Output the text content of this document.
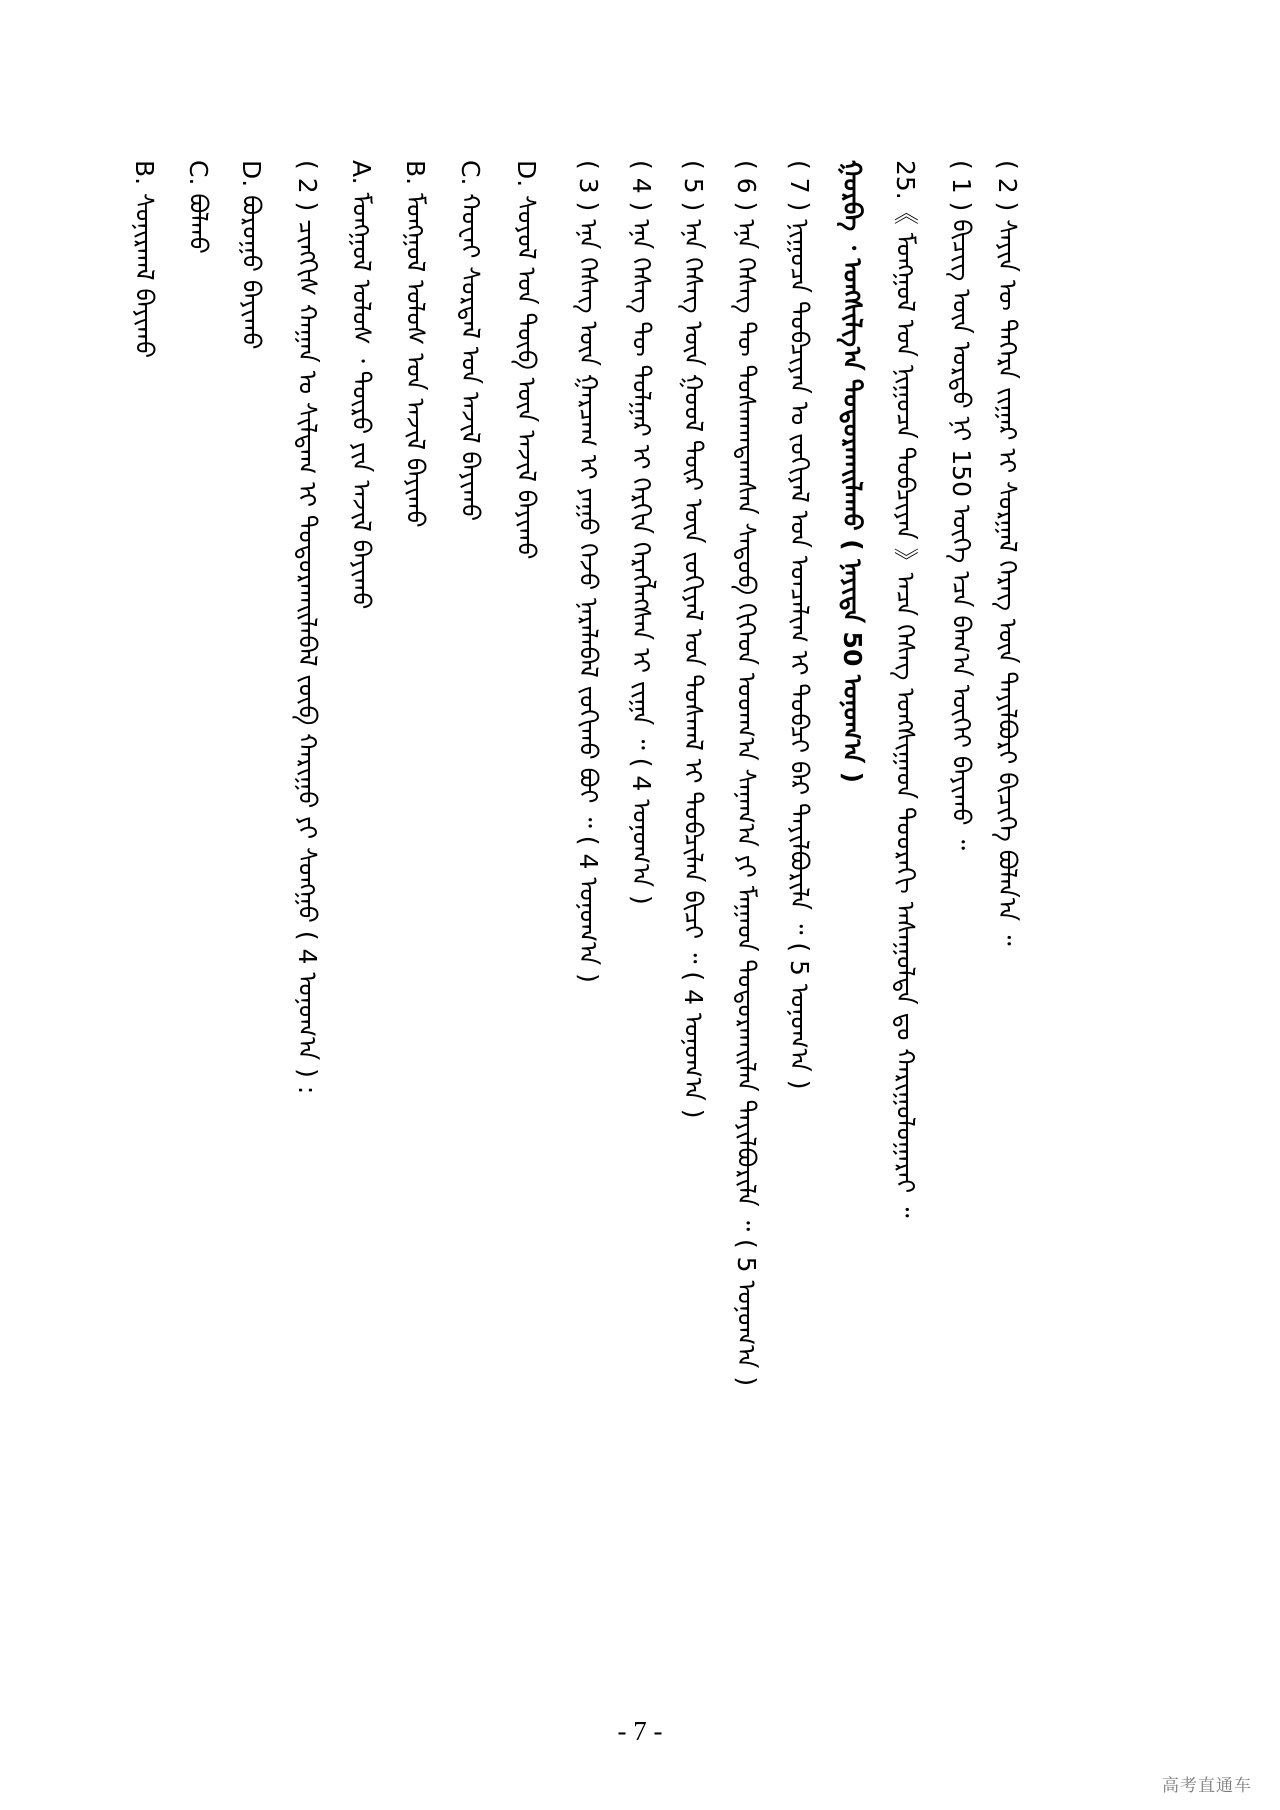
( 2 ) ᠰᠠᠶᠢᠨ ᠦ ᠳᠡᠭᠡᠷᠡ ᠵᠢᠭᠠᠷ ᠢ ᠰᠤᠷᠭᠠᠯ ᠬᠡᠷᠡᠭ ᠦᠨ ᠲᠠᠶᠢᠯᠪᠤᠷᠢ ᠪᠢᠴᠢᠭᠡ ᠪᠤᠯᠠᠨ᠎ᠠ ᠃
( 1 ) ᠪᠢᠴᠢᠭ ᠦᠨ ᠤᠷᠲᠤ ᠨᠢ 150 ᠦᠭᠡ ᠡᠴᠡ ᠪᠠᠭ᠎ᠠ ᠦᠭᠡᠢ ᠪᠠᠶᠢᠬᠤ ᠃
25.《 ᠮᠣᠩᠭᠣᠯ ᠤᠨ ᠨᠢᠭᠤᠴᠠ ᠲᠣᠪᠴᠢᠶᠠᠨ 》ᠠᠴᠠ ᠬᠡᠰᠡᠭ ᠤᠩᠰᠢᠭᠠᠳ ᠳᠣᠣᠷᠠᠬᠢ ᠠᠰᠠᠭᠤᠯᠲᠠ ᠳᠤ ᠬᠠᠷᠢᠭᠤᠯᠤᠭᠠᠷᠠᠢ ᠃
ᠭᠤᠷᠪᠠ ᠂ ᠤᠩᠰᠢᠯᠭ᠎ᠠ ᠲᠣᠳᠣᠷᠬᠠᠢᠯᠠᠬᠤ ( ᠨᠡᠶᠢᠲᠡ 50 ᠣᠨᠤᠭ᠎ᠠ )
( 7 ) ᠨᠢᠭᠤᠴᠠ ᠲᠣᠪᠴᠢᠶᠠᠨ ᠤ ᠵᠣᠬᠢᠶᠠᠯ ᠤᠨ ᠣᠨᠴᠠᠯᠢᠭ ᠢ ᠲᠣᠪᠴᠢ ᠪᠡᠷ ᠲᠠᠶᠢᠯᠪᠤᠷᠢᠯᠠ ᠃ ( 5 ᠣᠨᠤᠭ᠎ᠠ )
( 6 ) ᠡᠨᠡ ᠬᠡᠰᠡᠭ ᠲᠦ ᠲᠤᠰᠬᠠᠭᠳᠠᠭᠰᠠᠨ ᠰᠡᠳᠦᠪ ᠬᠢᠭᠡᠳ ᠤᠳᠬ᠎ᠠ ᠰᠠᠨᠠᠭ᠎ᠠ ᠶᠢ ᠮᠠᠭᠠᠳ ᠲᠣᠳᠣᠷᠬᠠᠢᠯᠠᠨ ᠲᠠᠶᠢᠯᠪᠤᠷᠢᠯᠠ ᠃ ( 5 ᠣᠨᠤᠭ᠎ᠠ )
( 5 ) ᠡᠨᠡ ᠬᠡᠰᠡᠭ ᠦᠨ ᠭᠣᠣᠯ ᠳᠦᠷ ᠦᠨ ᠵᠣᠬᠢᠶᠠᠯ ᠤᠨ ᠲᠣᠰᠬᠠᠯ ᠢ ᠲᠣᠪᠴᠢᠯᠠᠨ ᠪᠢᠴᠢ ᠃ ( 4 ᠣᠨᠤᠭ᠎ᠠ )
( 4 ) ᠡᠨᠡ ᠬᠡᠰᠡᠭ ᠲᠦ ᠲᠤᠯᠭᠠᠷ ᠢ ᠬᠡᠷᠬᠢᠨ ᠬᠡᠷᠡᠭᠯᠡᠭᠰᠡᠨ ᠢ ᠵᠢᠭᠠ ᠃ ( 4 ᠣᠨᠤᠭ᠎ᠠ )
( 3 ) ᠡᠨᠡ ᠬᠡᠰᠡᠭ ᠦᠨ ᠭᠠᠷᠴᠠᠭ ᠢ ᠶᠠᠭᠤ ᠭᠡᠵᠦ ᠨᠡᠷᠡᠯᠡᠪᠡᠯ ᠵᠣᠬᠢᠬᠤ ᠪᠤᠢ ᠃ ( 4 ᠣᠨᠤᠭ᠎ᠠ )
D. ᠰᠣᠶᠣᠯ ᠤᠨ ᠲᠦᠪ ᠦᠨ ᠠᠵᠢᠯ ᠪᠠᠶᠢᠬᠤ
C. ᠬᠤᠸᠠᠢ ᠰᠤᠷᠲᠠᠯ ᠤᠨ ᠠᠵᠢᠯ ᠪᠠᠶᠢᠬᠤ
B. ᠮᠣᠩᠭᠣᠯ ᠤᠯᠤᠰ ᠤᠨ ᠠᠵᠢᠯ ᠪᠠᠶᠢᠬᠤ
A. ᠮᠣᠩᠭᠣᠯ ᠤᠯᠤᠰ ᠂ ᠲᠥᠷᠥ ᠶᠢᠨ ᠠᠵᠢᠯ ᠪᠠᠶᠢᠬᠤ
( 2 ) ᠴᠢᠩᠭᠢᠰ ᠬᠠᠭᠠᠨ ᠤ ᠰᠢᠯᠳᠠᠭ ᠢ ᠲᠣᠳᠣᠷᠬᠠᠢᠯᠠᠪᠠᠯ ᠵᠥᠪ ᠬᠠᠷᠢᠭᠤ ᠶᠢ ᠰᠣᠩᠭᠣ ( 4 ᠣᠨᠤᠭ᠎ᠠ ) :
D. ᠪᠤᠷᠤᠭᠤ ᠪᠠᠶᠢᠬᠤ
C. ᠪᠣᠯᠬᠤ
B. ᠰᠣᠨᠢᠷᠬᠠᠯ ᠪᠠᠶᠢᠬᠤ
- 7 -
高考直通车
